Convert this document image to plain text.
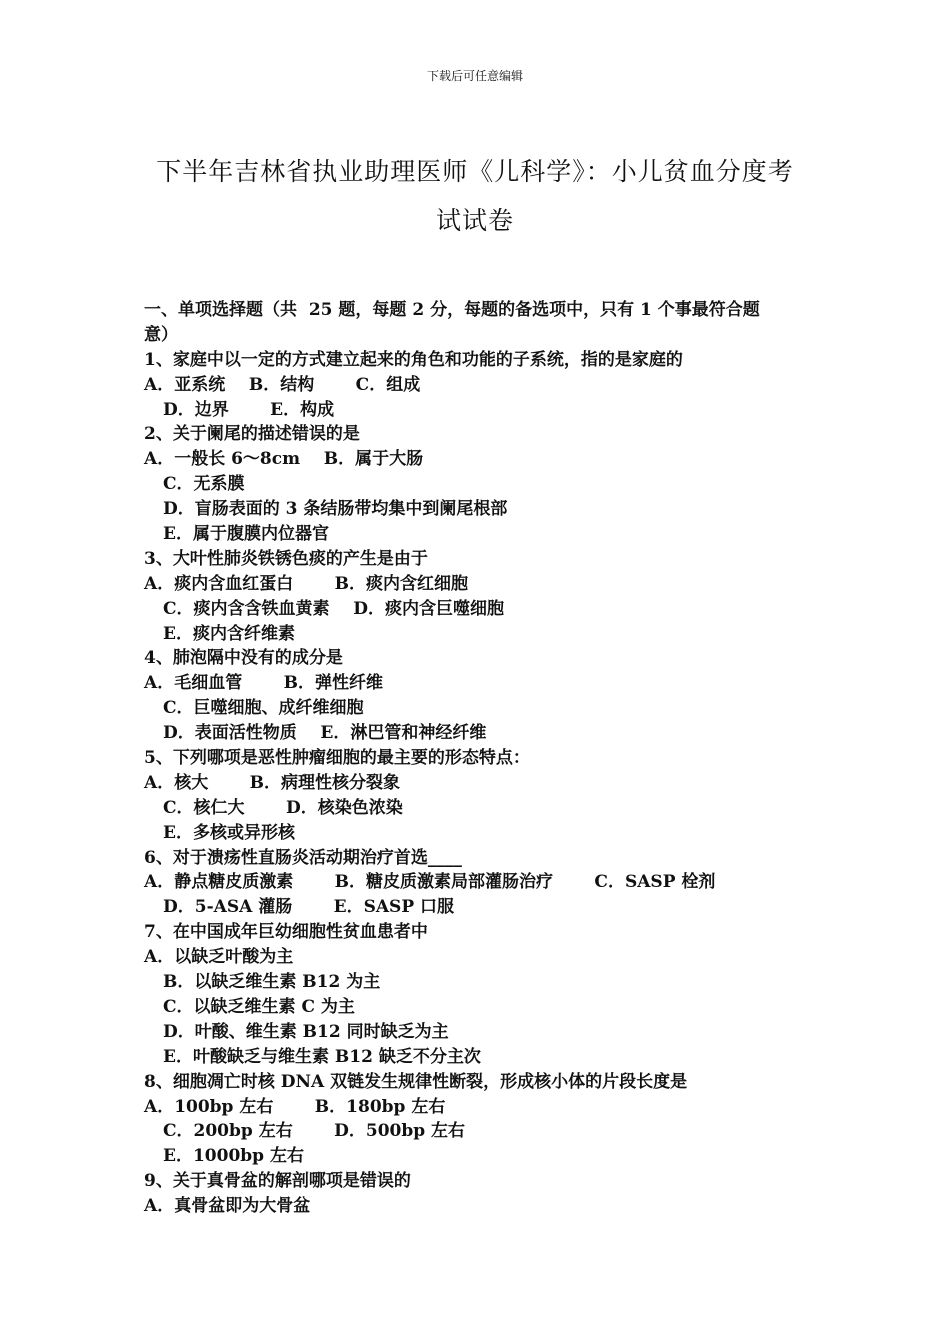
下载后可任意编辑
下半年吉林省执业助理医师《儿科学》：小儿贫血分度考
试试卷
一、单项选择题（共  25 题，每题 2 分，每题的备选项中，只有 1 个事最符合题
意）
1、家庭中以一定的方式建立起来的角色和功能的子系统，指的是家庭的
A．亚系统    B．结构       C．组成
D．边界       E．构成
2、关于阑尾的描述错误的是
A．一般长 6～8cm    B．属于大肠
C．无系膜
D．盲肠表面的 3 条结肠带均集中到阑尾根部
E．属于腹膜内位器官
3、大叶性肺炎铁锈色痰的产生是由于
A．痰内含血红蛋白       B．痰内含红细胞
C．痰内含含铁血黄素    D．痰内含巨噬细胞
E．痰内含纤维素
4、肺泡隔中没有的成分是
A．毛细血管       B．弹性纤维
C．巨噬细胞、成纤维细胞
D．表面活性物质    E．淋巴管和神经纤维
5、下列哪项是恶性肿瘤细胞的最主要的形态特点：
A．核大       B．病理性核分裂象
C．核仁大       D．核染色浓染
E．多核或异形核
6、对于溃疡性直肠炎活动期治疗首选____
A．静点糖皮质激素       B．糖皮质激素局部灌肠治疗       C．SASP 栓剂
D．5-ASA 灌肠       E．SASP 口服
7、在中国成年巨幼细胞性贫血患者中
A．以缺乏叶酸为主
B．以缺乏维生素 B12 为主
C．以缺乏维生素 C 为主
D．叶酸、维生素 B12 同时缺乏为主
E．叶酸缺乏与维生素 B12 缺乏不分主次
8、细胞凋亡时核 DNA 双链发生规律性断裂，形成核小体的片段长度是
A．100bp 左右       B．180bp 左右
C．200bp 左右       D．500bp 左右
E．1000bp 左右
9、关于真骨盆的解剖哪项是错误的
A．真骨盆即为大骨盆
